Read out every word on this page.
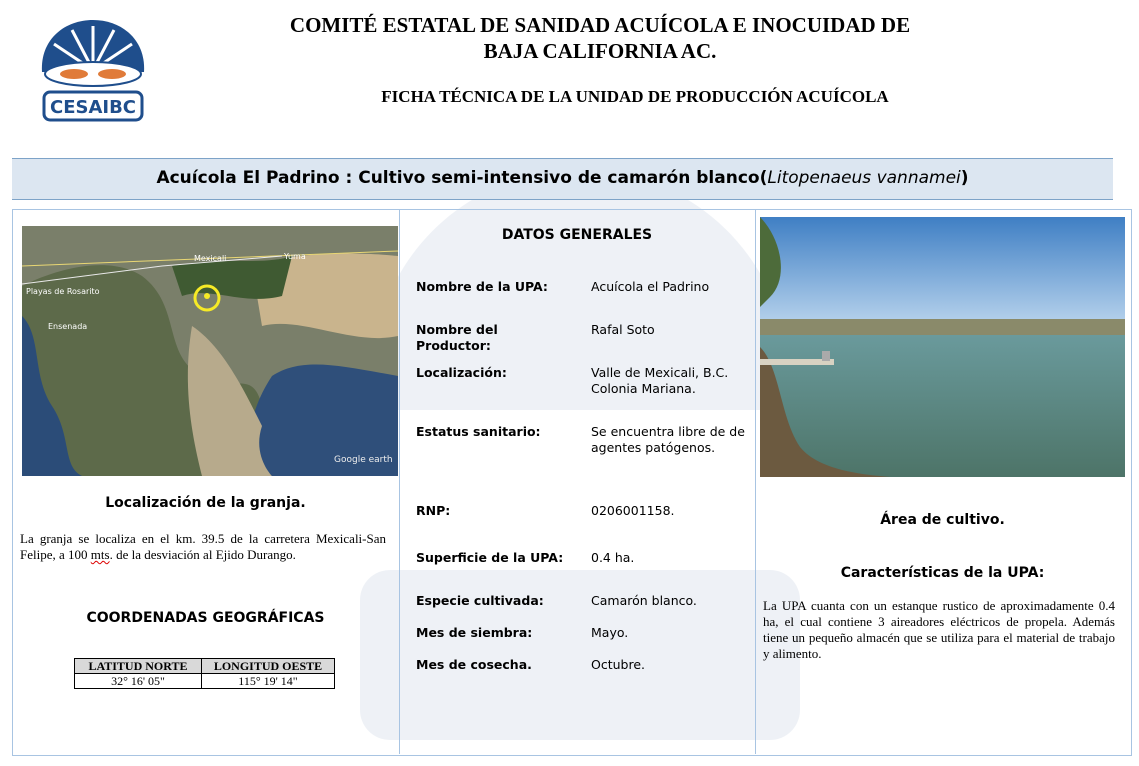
CESAIBC
COMITÉ ESTATAL DE SANIDAD ACUÍCOLA E INOCUIDAD DE
BAJA CALIFORNIA AC.
FICHA TÉCNICA DE LA UNIDAD DE PRODUCCIÓN ACUÍCOLA
Acuícola El Padrino : Cultivo semi-intensivo de camarón blanco(Litopenaeus vannamei)
Mexicali	Yuma
Playas de Rosarito
Ensenada
Google earth
Localización de la granja.
La granja se localiza en el km. 39.5 de la carretera Mexicali-San Felipe, a 100 mts. de la desviación al Ejido Durango.
COORDENADAS GEOGRÁFICAS
LATITUD NORTE	LONGITUD OESTE
32° 16' 05"	115° 19' 14"
DATOS GENERALES
Nombre de la UPA:	Acuícola el Padrino
Nombre del Productor:
Rafal Soto
Localización:	Valle de Mexicali, B.C. Colonia Mariana.
Estatus sanitario:	Se encuentra libre de de agentes patógenos.
RNP:	0206001158.
Superficie de la UPA:	0.4 ha.
Especie cultivada:	Camarón blanco.
Mes de siembra:	Mayo.
Mes de cosecha.	Octubre.
Área de cultivo.
Características de la UPA:
La UPA cuanta con un estanque rustico de aproximadamente 0.4 ha, el cual contiene 3 aireadores eléctricos de propela. Además tiene un pequeño almacén que se utiliza para el material de trabajo y alimento.
